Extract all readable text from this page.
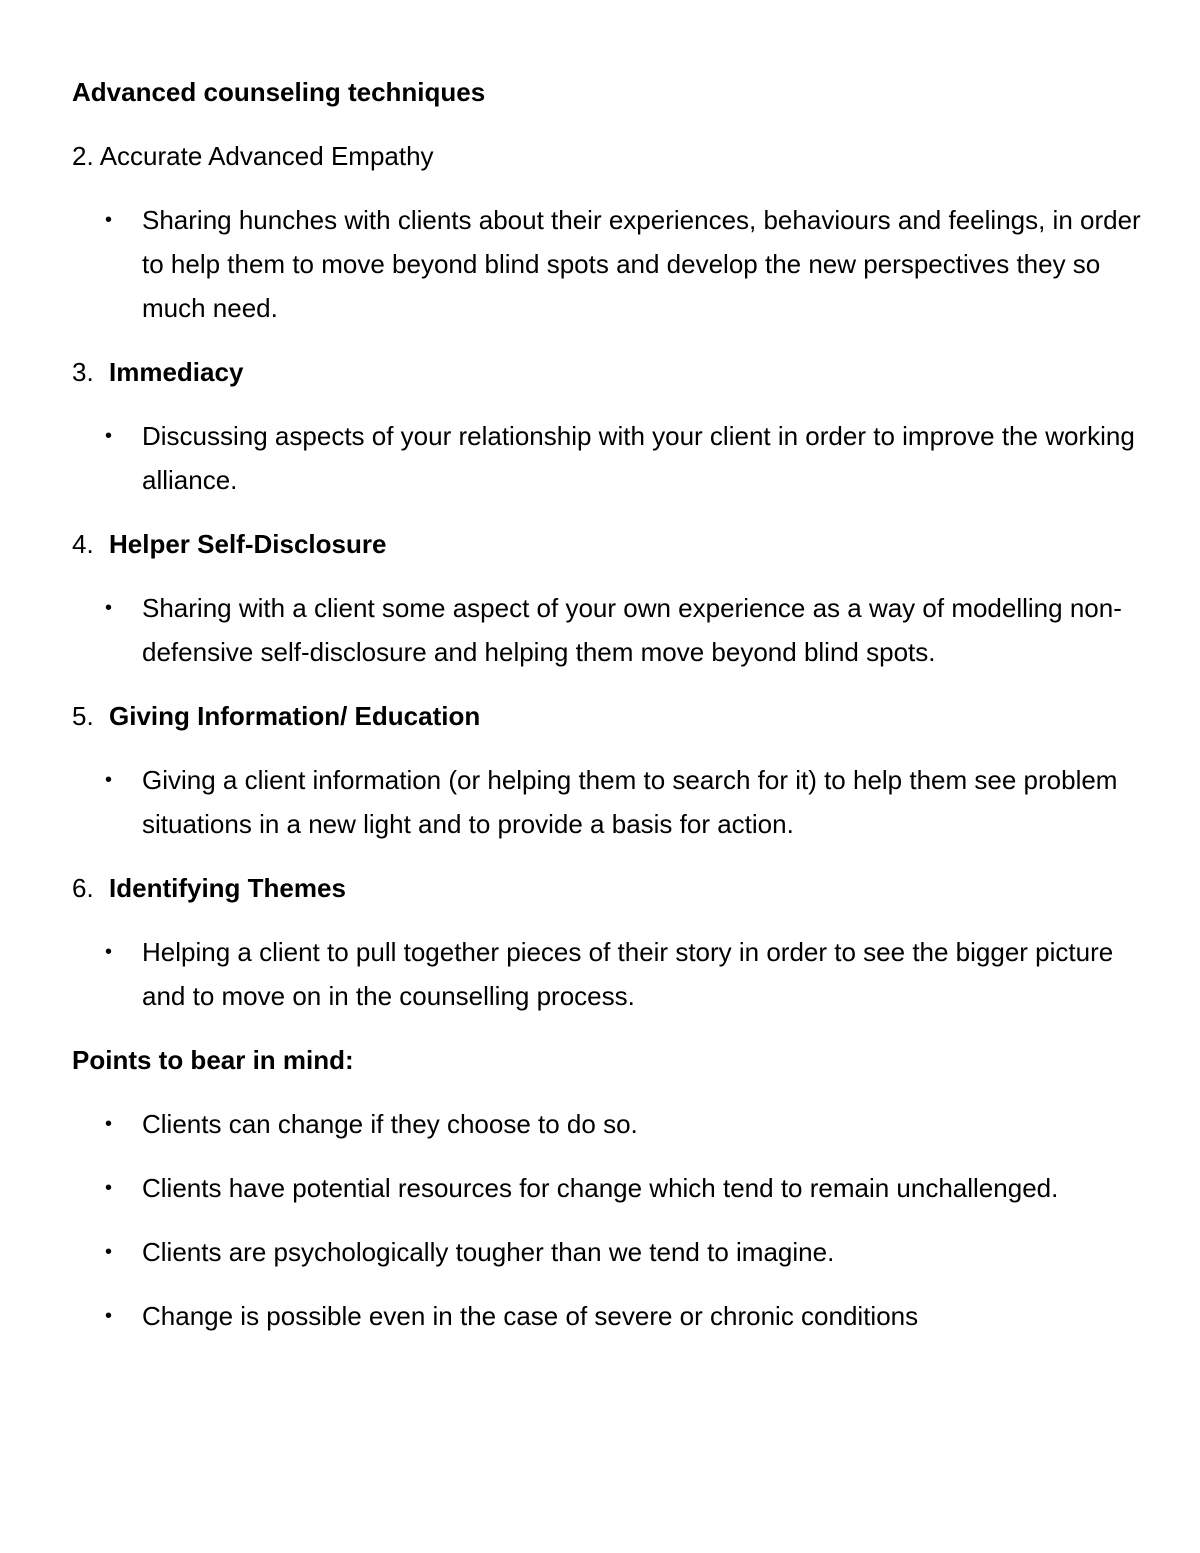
Advanced counseling techniques
2. Accurate Advanced Empathy
•	Sharing hunches with clients about their experiences, behaviours and feelings, in order to help them to move beyond blind spots and develop the new perspectives they so much need.
3. Immediacy
•	Discussing aspects of your relationship with your client in order to improve the working alliance.
4. Helper Self-Disclosure
•	Sharing with a client some aspect of your own experience as a way of modelling non-defensive self-disclosure and helping them move beyond blind spots.
5. Giving Information/ Education
•	Giving a client information (or helping them to search for it) to help them see problem situations in a new light and to provide a basis for action.
6. Identifying Themes
•	Helping a client to pull together pieces of their story in order to see the bigger picture and to move on in the counselling process.
Points to bear in mind:
•	Clients can change if they choose to do so.
•	Clients have potential resources for change which tend to remain unchallenged.
•	Clients are psychologically tougher than we tend to imagine.
•	Change is possible even in the case of severe or chronic conditions
